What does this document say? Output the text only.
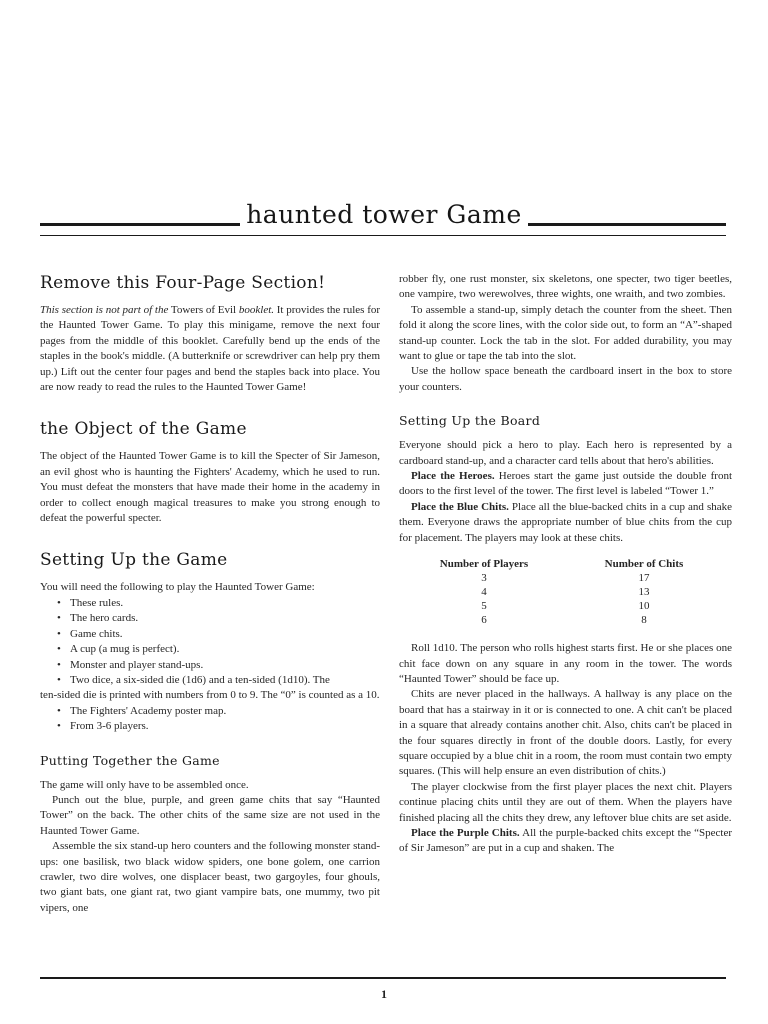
haunted tower Game
Remove this Four-Page Section!

This section is not part of the Towers of Evil booklet. It provides the rules for the Haunted Tower Game. To play this minigame, remove the next four pages from the middle of this booklet. Carefully bend up the ends of the staples in the book's middle. (A butterknife or screwdriver can help pry them up.) Lift out the center four pages and bend the staples back into place. You are now ready to read the rules to the Haunted Tower Game!

the Object of the Game

The object of the Haunted Tower Game is to kill the Specter of Sir Jameson, an evil ghost who is haunting the Fighters' Academy, which he used to run. You must defeat the monsters that have made their home in the academy in order to collect enough magical treasures to make you strong enough to defeat the powerful specter.

Setting Up the Game

You will need the following to play the Haunted Tower Game:

• These rules.
• The hero cards.
• Game chits.
• A cup (a mug is perfect).
• Monster and player stand-ups.
• Two dice, a six-sided die (1d6) and a ten-sided (1d10). The

ten-sided die is printed with numbers from 0 to 9. The “0” is counted as a 10.

• The Fighters' Academy poster map.
• From 3-6 players.
Putting Together the Game

The game will only have to be assembled once.

Punch out the blue, purple, and green game chits that say “Haunted Tower” on the back. The other chits of the same size are not used in the Haunted Tower Game.

Assemble the six stand-up hero counters and the following monster stand-ups: one basilisk, two black widow spiders, one bone golem, one carrion crawler, two dire wolves, one displacer beast, two gargoyles, four ghouls, two giant bats, one giant rat, two giant vampire bats, one mummy, two pit vipers, one

robber fly, one rust monster, six skeletons, one specter, two tiger beetles, one vampire, two werewolves, three wights, one wraith, and two zombies.

To assemble a stand-up, simply detach the counter from the sheet. Then fold it along the score lines, with the color side out, to form an “A”-shaped stand-up counter. Lock the tab in the slot. For added durability, you may want to glue or tape the tab into the slot.

Use the hollow space beneath the cardboard insert in the box to store your counters.

Setting Up the Board

Everyone should pick a hero to play. Each hero is represented by a cardboard stand-up, and a character card tells about that hero's abilities.

Place the Heroes. Heroes start the game just outside the double front doors to the first level of the tower. The first level is labeled “Tower 1.”

Place the Blue Chits. Place all the blue-backed chits in a cup and shake them. Everyone draws the appropriate number of blue chits from the cup for placement. The players may look at these chits.

Number of Players		Number of Chits
3		17
4		13
5		10
6		8

Roll 1d10. The person who rolls highest starts first. He or she places one chit face down on any square in any room in the tower. The words “Haunted Tower” should be face up.

Chits are never placed in the hallways. A hallway is any place on the board that has a stairway in it or is connected to one. A chit can't be placed in a square that already contains another chit. Also, chits can't be placed in the four squares directly in front of the double doors. Lastly, for every square occupied by a blue chit in a room, the room must contain two empty squares. (This will help ensure an even distribution of chits.)

The player clockwise from the first player places the next chit. Players continue placing chits until they are out of them. When the players have finished placing all the chits they drew, any leftover blue chits are set aside.

Place the Purple Chits. All the purple-backed chits except the “Specter of Sir Jameson” are put in a cup and shaken. The

1
